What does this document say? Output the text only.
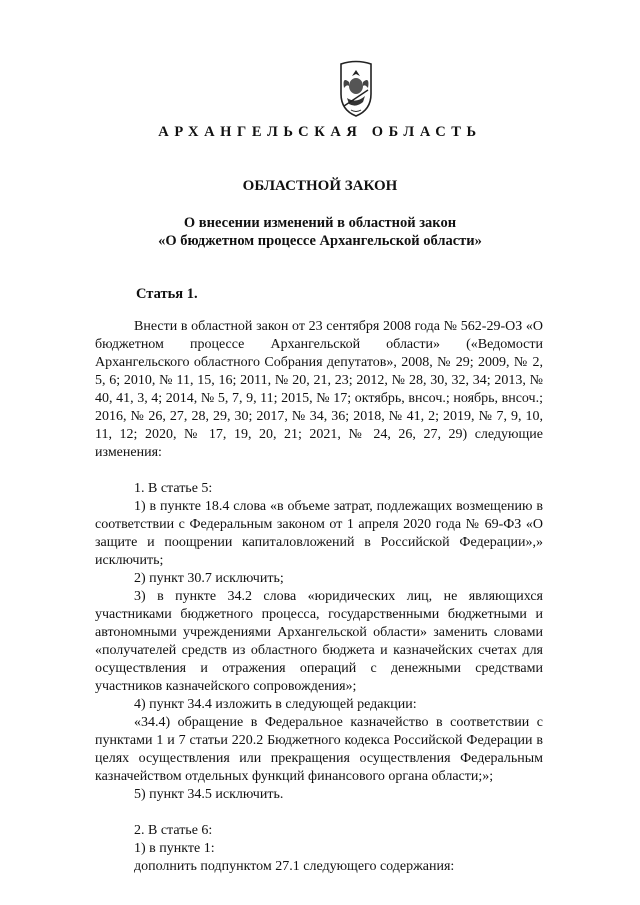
АРХАНГЕЛЬСКАЯ ОБЛАСТЬ
ОБЛАСТНОЙ ЗАКОН
О внесении изменений в областной закон
«О бюджетном процессе Архангельской области»
Статья 1.

Внести в областной закон от 23 сентября 2008 года № 562-29-ОЗ «О бюджетном процессе Архангельской области» («Ведомости Архангельского областного Собрания депутатов», 2008, № 29; 2009, № 2, 5, 6; 2010, № 11, 15, 16; 2011, № 20, 21, 23; 2012, № 28, 30, 32, 34; 2013, № 40, 41, 3, 4; 2014, № 5, 7, 9, 11; 2015, № 17; октябрь, внсоч.; ноябрь, внсоч.; 2016, № 26, 27, 28, 29, 30; 2017, № 34, 36; 2018, № 41, 2; 2019, № 7, 9, 10, 11, 12; 2020, № 17, 19, 20, 21; 2021, № 24, 26, 27, 29) следующие изменения:

1. В статье 5:

1) в пункте 18.4 слова «в объеме затрат, подлежащих возмещению в соответствии с Федеральным законом от 1 апреля 2020 года № 69-ФЗ «О защите и поощрении капиталовложений в Российской Федерации»,» исключить;

2) пункт 30.7 исключить;

3) в пункте 34.2 слова «юридических лиц, не являющихся участниками бюджетного процесса, государственными бюджетными и автономными учреждениями Архангельской области» заменить словами «получателей средств из областного бюджета и казначейских счетах для осуществления и отражения операций с денежными средствами участников казначейского сопровождения»;

4) пункт 34.4 изложить в следующей редакции:

«34.4) обращение в Федеральное казначейство в соответствии с пунктами 1 и 7 статьи 220.2 Бюджетного кодекса Российской Федерации в целях осуществления или прекращения осуществления Федеральным казначейством отдельных функций финансового органа области;»;

5) пункт 34.5 исключить.

2. В статье 6:

1) в пункте 1:

дополнить подпунктом 27.1 следующего содержания:
